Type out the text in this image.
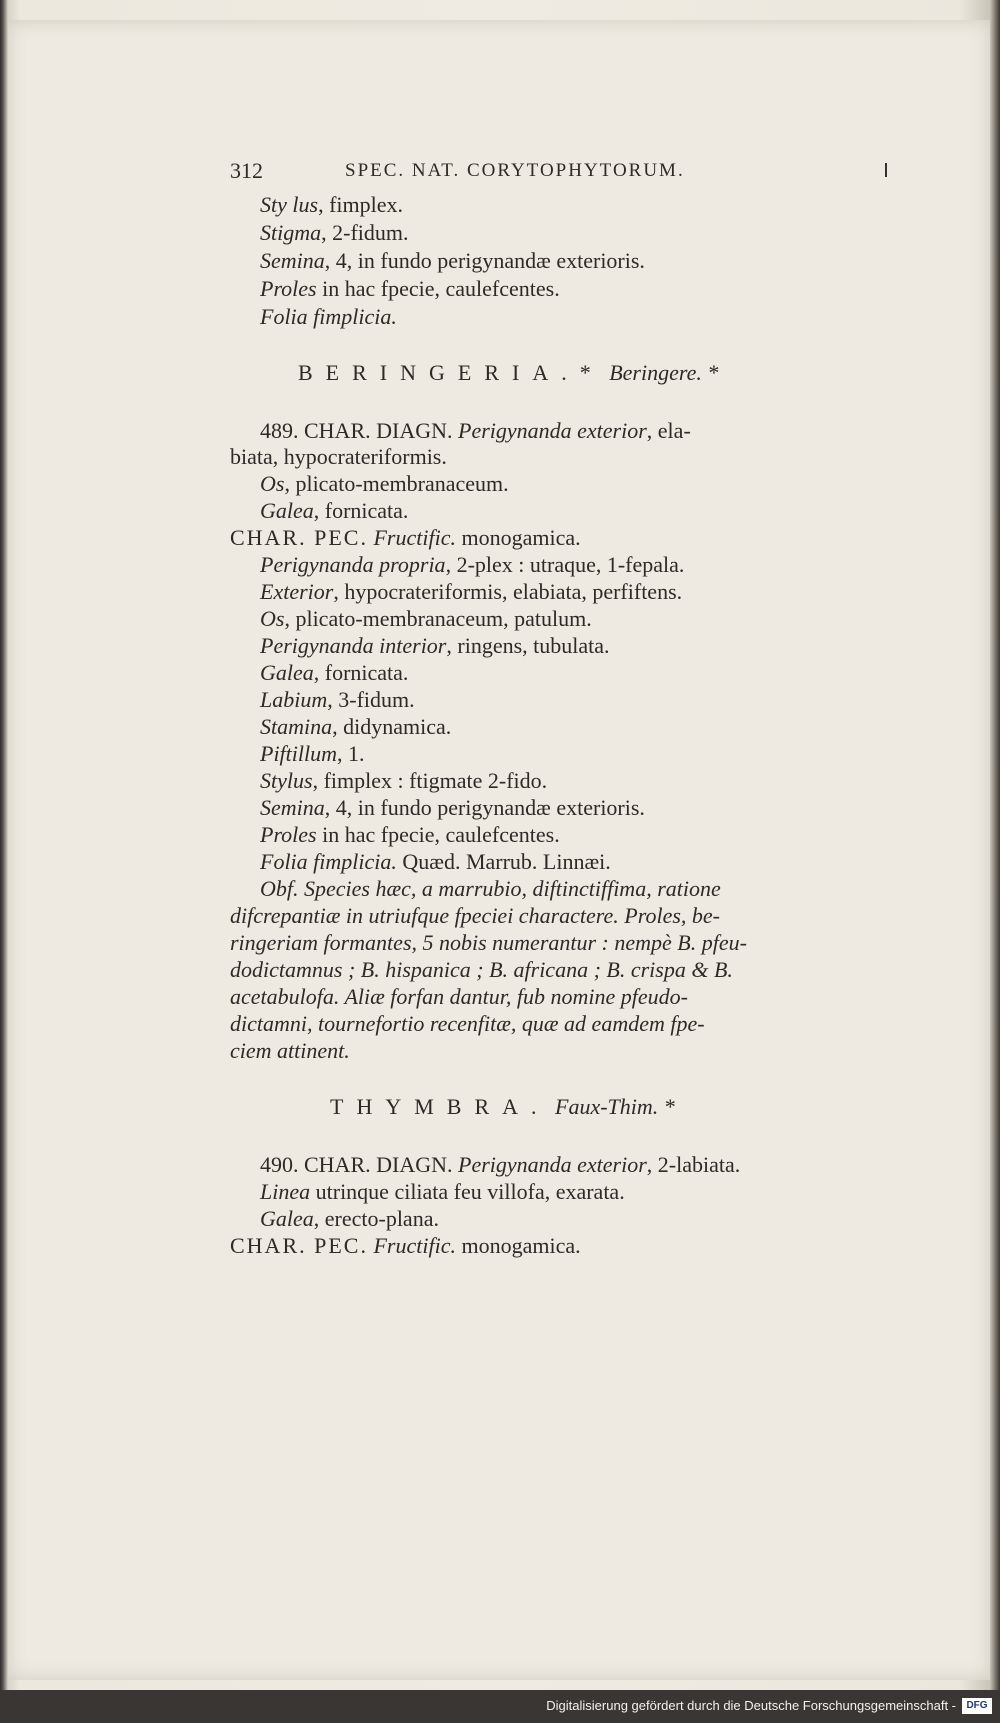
312	SPEC. NAT. CORYTOPHYTORUM.
Sty lus, fimplex.
Stigma, 2-fidum.
Semina, 4, in fundo perigynandæ exterioris.
Proles in hac fpecie, caulefcentes.
Folia fimplicia.
BERINGERIA.* Beringere. *
489. CHAR. DIAGN. Perigynanda exterior, ela-
biata, hypocrateriformis.
Os, plicato-membranaceum.
Galea, fornicata.
CHAR. PEC. Fructific. monogamica.
Perigynanda propria, 2-plex : utraque, 1-fepala.
Exterior, hypocrateriformis, elabiata, perfiftens.
Os, plicato-membranaceum, patulum.
Perigynanda interior, ringens, tubulata.
Galea, fornicata.
Labium, 3-fidum.
Stamina, didynamica.
Piftillum, 1.
Stylus, fimplex : ftigmate 2-fido.
Semina, 4, in fundo perigynandæ exterioris.
Proles in hac fpecie, caulefcentes.
Folia fimplicia. Quæd. Marrub. Linnæi.
Obf. Species hæc, a marrubio, diftinctiffima, ratione
difcrepantiæ in utriufque fpeciei charactere. Proles, be-
ringeriam formantes, 5 nobis numerantur : nempè B. pfeu-
dodictamnus ; B. hispanica ; B. africana ; B. crispa & B.
acetabulofa. Aliæ forfan dantur, fub nomine pfeudo-
dictamni, tournefortio recenfitæ, quæ ad eamdem fpe-
ciem attinent.
THYMBRA. Faux-Thim. *
490. CHAR. DIAGN. Perigynanda exterior, 2-labiata.
Linea utrinque ciliata feu villofa, exarata.
Galea, erecto-plana.
CHAR. PEC. Fructific. monogamica.
Digitalisierung gefördert durch die Deutsche Forschungsgemeinschaft -	DFG
